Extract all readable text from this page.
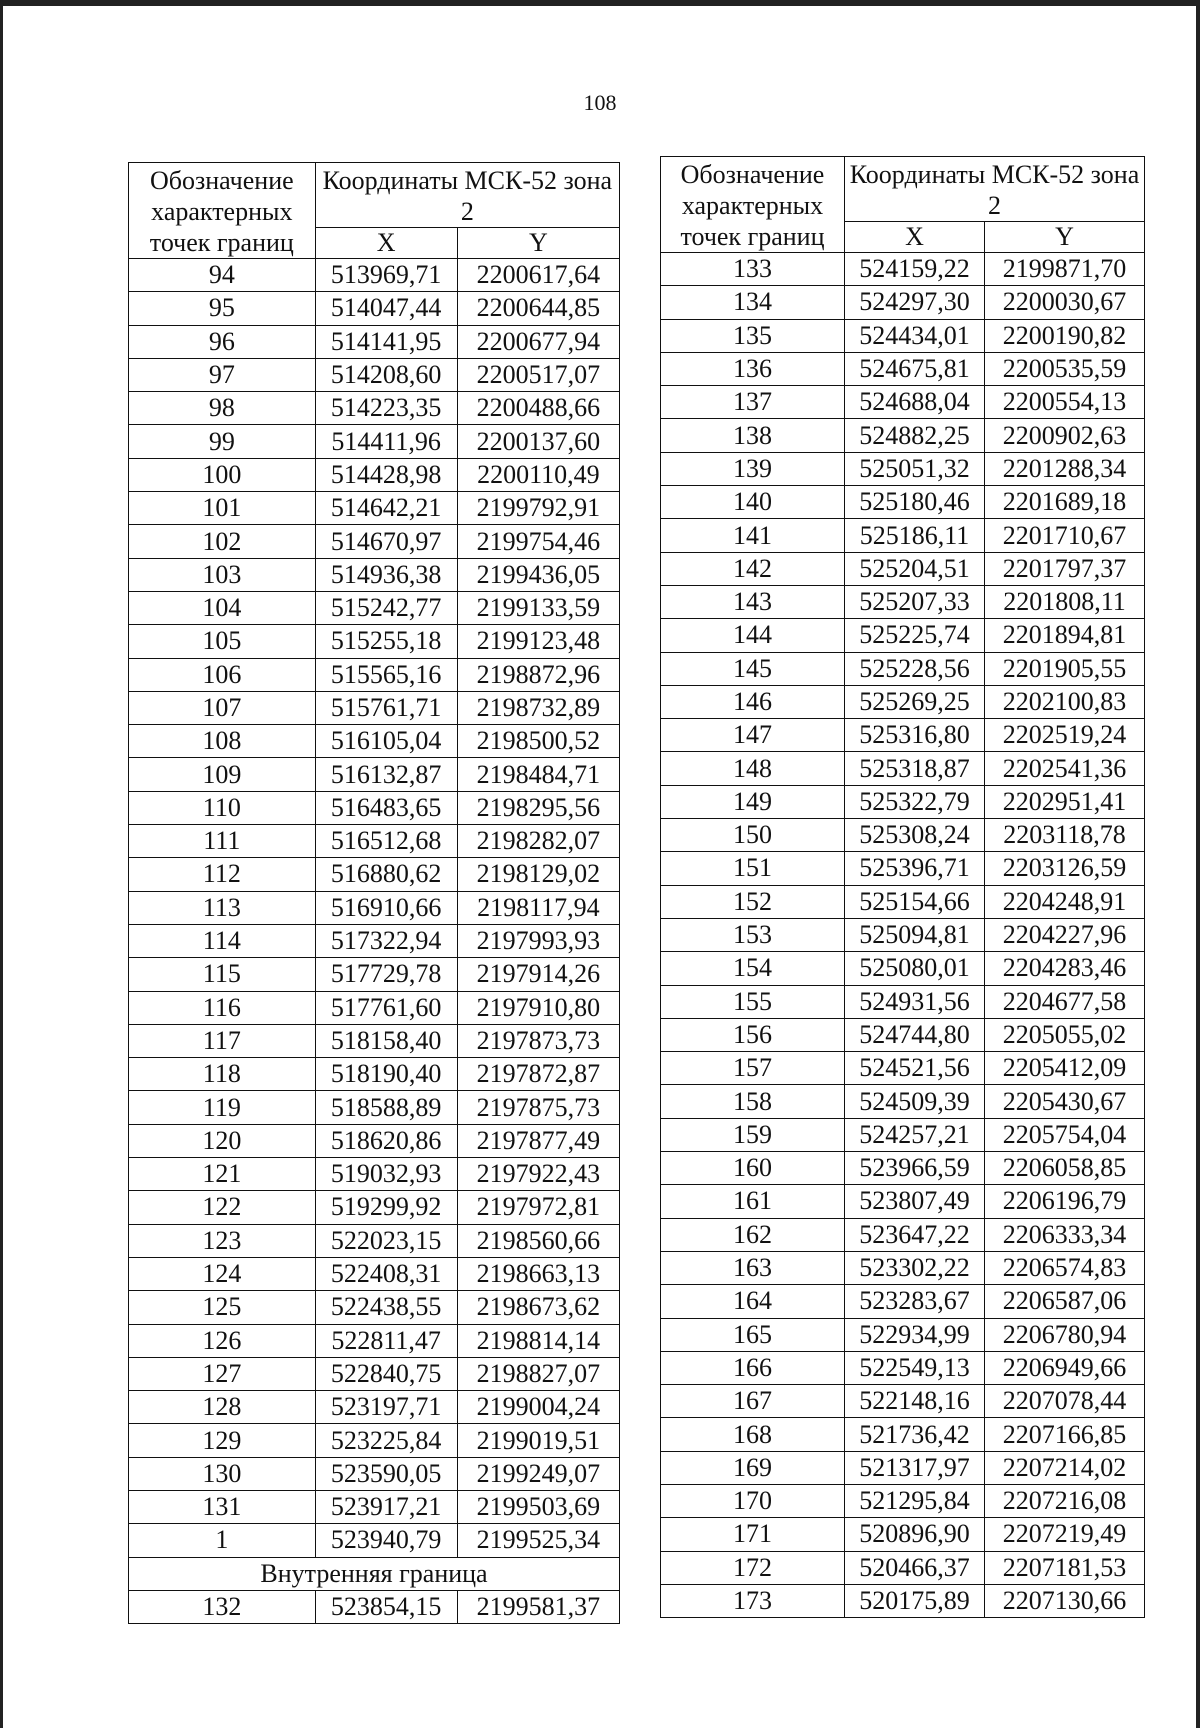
108
Обозначение характерных точек границ	Координаты МСК-52 зона 2	
	X	Y
94	513969,71	2200617,64
95	514047,44	2200644,85
96	514141,95	2200677,94
97	514208,60	2200517,07
98	514223,35	2200488,66
99	514411,96	2200137,60
100	514428,98	2200110,49
101	514642,21	2199792,91
102	514670,97	2199754,46
103	514936,38	2199436,05
104	515242,77	2199133,59
105	515255,18	2199123,48
106	515565,16	2198872,96
107	515761,71	2198732,89
108	516105,04	2198500,52
109	516132,87	2198484,71
110	516483,65	2198295,56
111	516512,68	2198282,07
112	516880,62	2198129,02
113	516910,66	2198117,94
114	517322,94	2197993,93
115	517729,78	2197914,26
116	517761,60	2197910,80
117	518158,40	2197873,73
118	518190,40	2197872,87
119	518588,89	2197875,73
120	518620,86	2197877,49
121	519032,93	2197922,43
122	519299,92	2197972,81
123	522023,15	2198560,66
124	522408,31	2198663,13
125	522438,55	2198673,62
126	522811,47	2198814,14
127	522840,75	2198827,07
128	523197,71	2199004,24
129	523225,84	2199019,51
130	523590,05	2199249,07
131	523917,21	2199503,69
1	523940,79	2199525,34
Внутренняя граница		
132	523854,15	2199581,37
Обозначение характерных точек границ	Координаты МСК-52 зона 2	
	X	Y
133	524159,22	2199871,70
134	524297,30	2200030,67
135	524434,01	2200190,82
136	524675,81	2200535,59
137	524688,04	2200554,13
138	524882,25	2200902,63
139	525051,32	2201288,34
140	525180,46	2201689,18
141	525186,11	2201710,67
142	525204,51	2201797,37
143	525207,33	2201808,11
144	525225,74	2201894,81
145	525228,56	2201905,55
146	525269,25	2202100,83
147	525316,80	2202519,24
148	525318,87	2202541,36
149	525322,79	2202951,41
150	525308,24	2203118,78
151	525396,71	2203126,59
152	525154,66	2204248,91
153	525094,81	2204227,96
154	525080,01	2204283,46
155	524931,56	2204677,58
156	524744,80	2205055,02
157	524521,56	2205412,09
158	524509,39	2205430,67
159	524257,21	2205754,04
160	523966,59	2206058,85
161	523807,49	2206196,79
162	523647,22	2206333,34
163	523302,22	2206574,83
164	523283,67	2206587,06
165	522934,99	2206780,94
166	522549,13	2206949,66
167	522148,16	2207078,44
168	521736,42	2207166,85
169	521317,97	2207214,02
170	521295,84	2207216,08
171	520896,90	2207219,49
172	520466,37	2207181,53
173	520175,89	2207130,66
